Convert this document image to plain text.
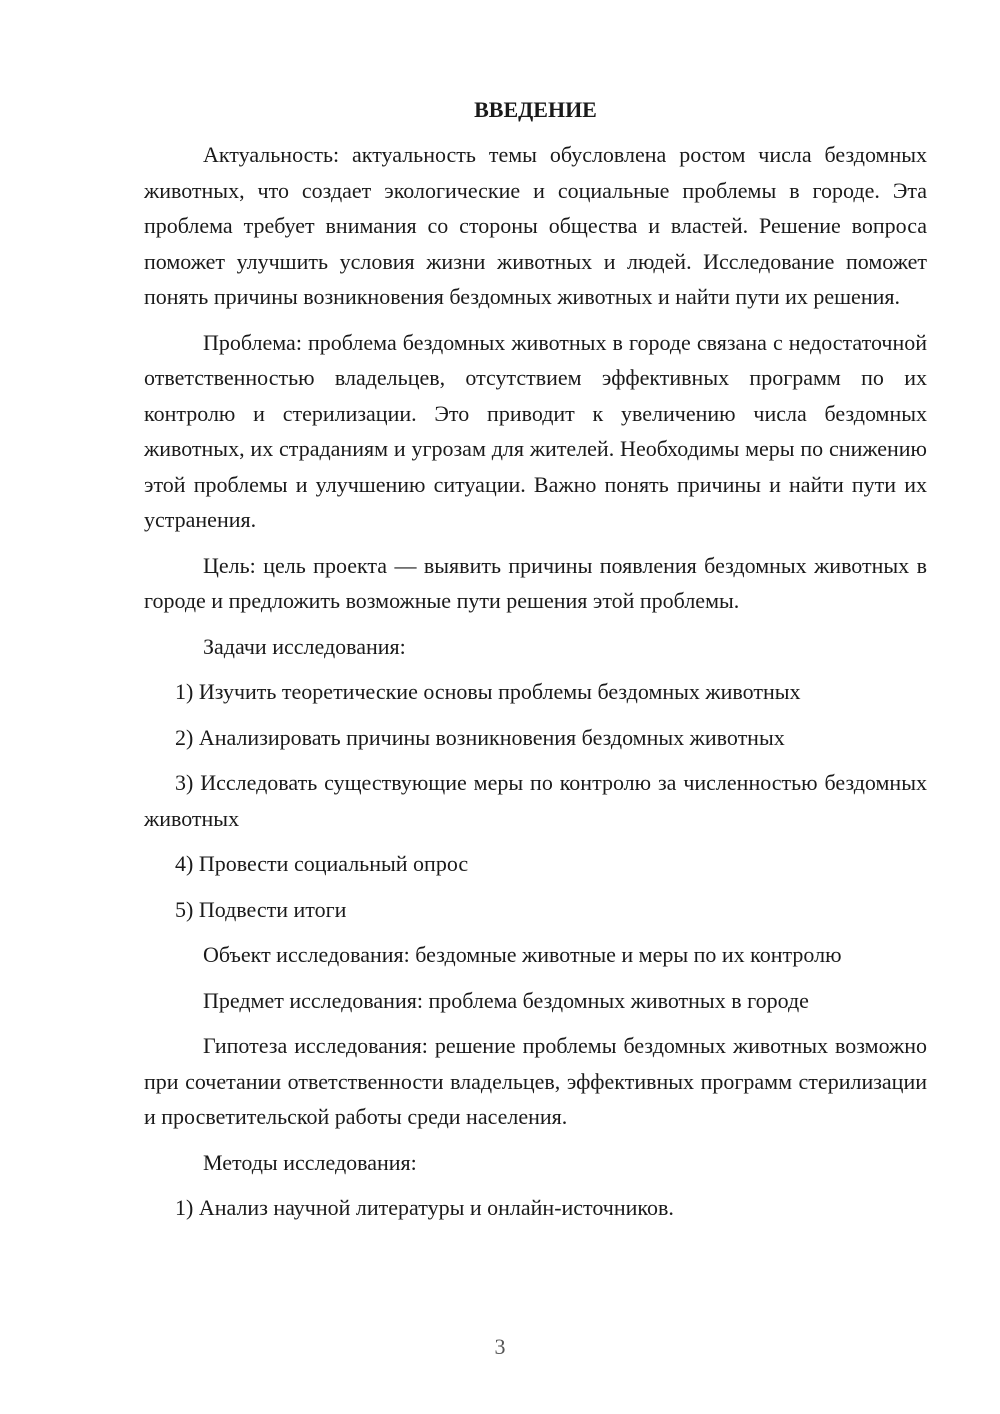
ВВЕДЕНИЕ

Актуальность: актуальность темы обусловлена ростом числа бездомных животных, что создает экологические и социальные проблемы в городе. Эта проблема требует внимания со стороны общества и властей. Решение вопроса поможет улучшить условия жизни животных и людей. Исследование поможет понять причины возникновения бездомных животных и найти пути их решения.

Проблема: проблема бездомных животных в городе связана с недостаточной ответственностью владельцев, отсутствием эффективных программ по их контролю и стерилизации. Это приводит к увеличению числа бездомных животных, их страданиям и угрозам для жителей. Необходимы меры по снижению этой проблемы и улучшению ситуации. Важно понять причины и найти пути их устранения.

Цель: цель проекта — выявить причины появления бездомных животных в городе и предложить возможные пути решения этой проблемы.

Задачи исследования:

1) Изучить теоретические основы проблемы бездомных животных

2) Анализировать причины возникновения бездомных животных

3) Исследовать существующие меры по контролю за численностью бездомных животных

4) Провести социальный опрос

5) Подвести итоги

Объект исследования: бездомные животные и меры по их контролю

Предмет исследования: проблема бездомных животных в городе

Гипотеза исследования: решение проблемы бездомных животных возможно при сочетании ответственности владельцев, эффективных программ стерилизации и просветительской работы среди населения.

Методы исследования:

1) Анализ научной литературы и онлайн-источников.

3
